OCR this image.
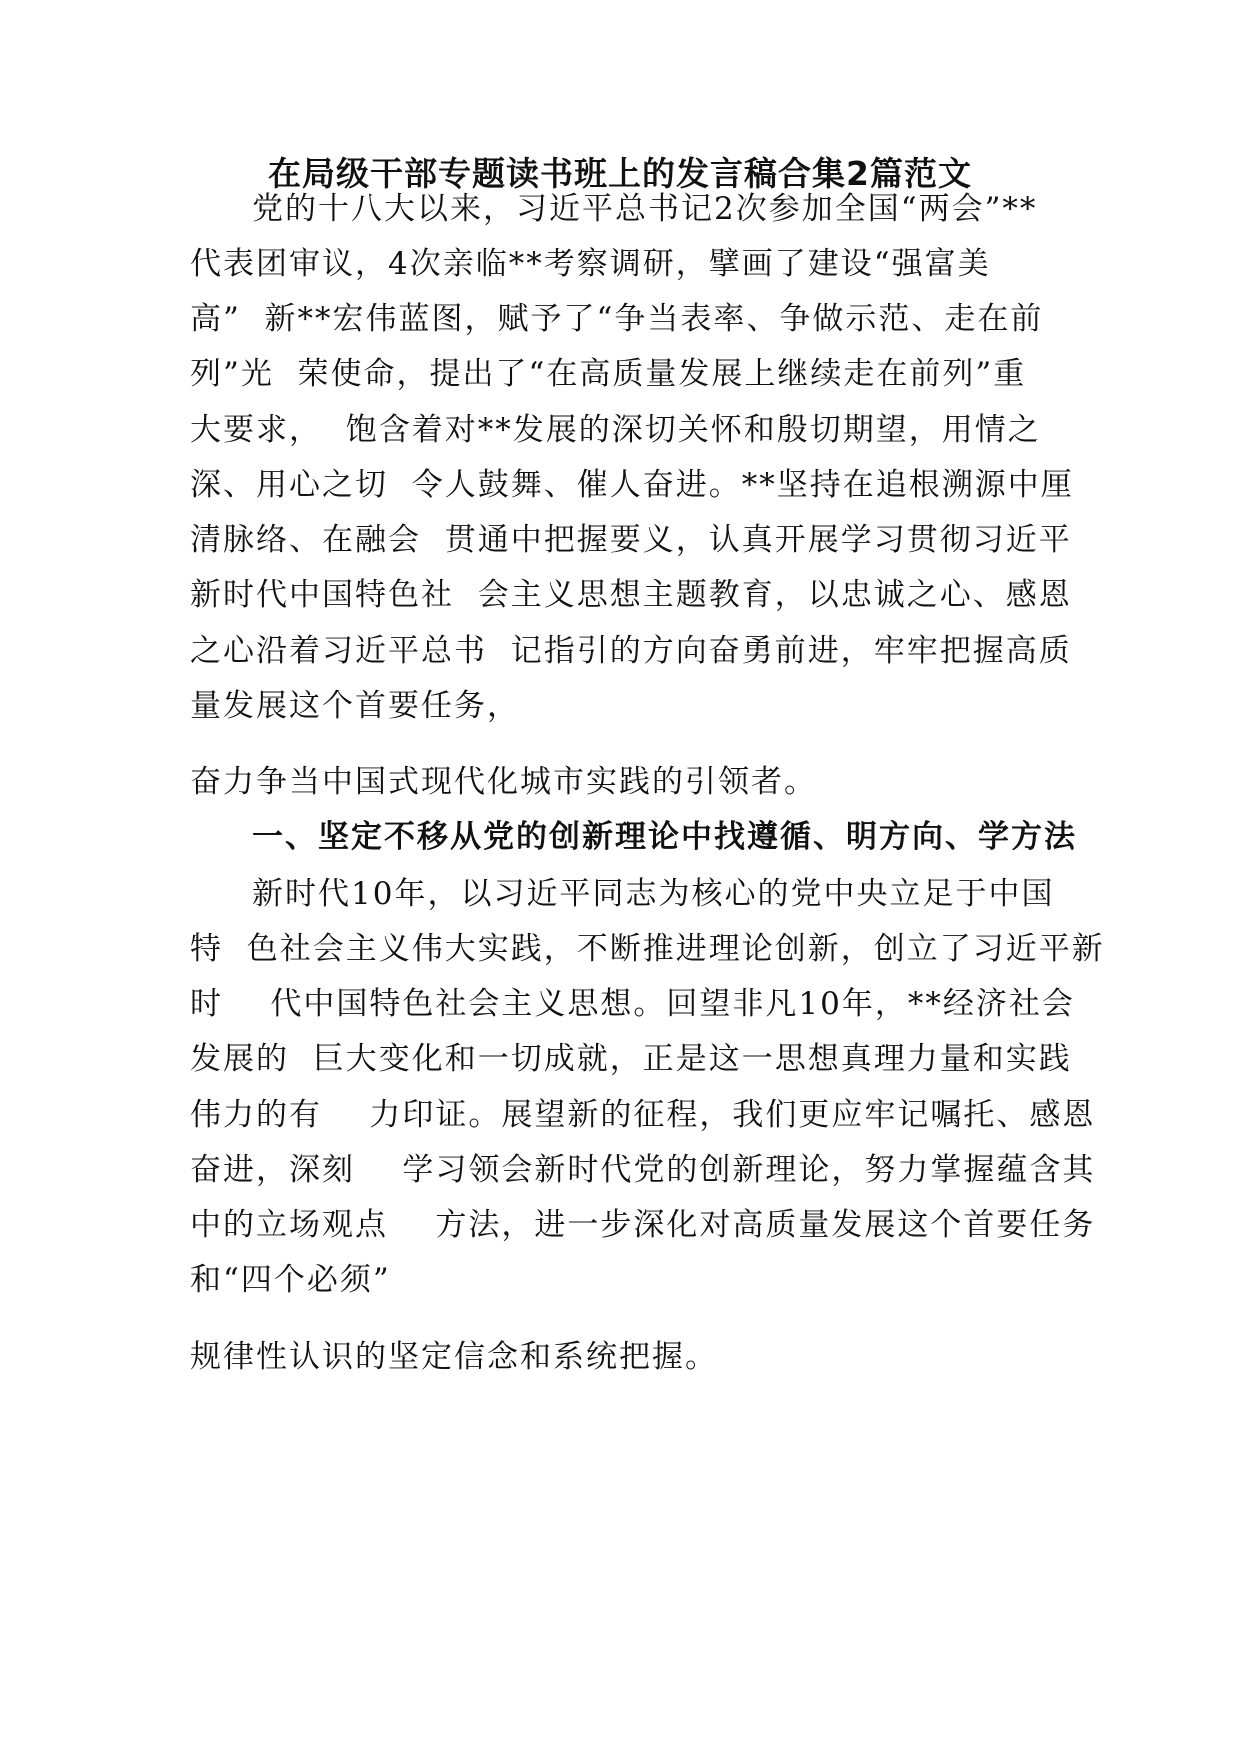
在局级干部专题读书班上的发言稿合集2篇范文
党的十八大以来，习近平总书记2次参加全国“两会”**
代表团审议，4次亲临**考察调研，擘画了建设“强富美
高”  新**宏伟蓝图，赋予了“争当表率、争做示范、走在前
列”光  荣使命，提出了“在高质量发展上继续走在前列”重
大要求，  饱含着对**发展的深切关怀和殷切期望，用情之
深、用心之切  令人鼓舞、催人奋进。**坚持在追根溯源中厘
清脉络、在融会  贯通中把握要义，认真开展学习贯彻习近平
新时代中国特色社  会主义思想主题教育，以忠诚之心、感恩
之心沿着习近平总书  记指引的方向奋勇前进，牢牢把握高质
量发展这个首要任务，
奋力争当中国式现代化城市实践的引领者。
一、坚定不移从党的创新理论中找遵循、明方向、学方法
新时代10年，以习近平同志为核心的党中央立足于中国
特  色社会主义伟大实践，不断推进理论创新，创立了习近平新
时    代中国特色社会主义思想。回望非凡10年，**经济社会
发展的  巨大变化和一切成就，正是这一思想真理力量和实践
伟力的有    力印证。展望新的征程，我们更应牢记嘱托、感恩
奋进，深刻    学习领会新时代党的创新理论，努力掌握蕴含其
中的立场观点    方法，进一步深化对高质量发展这个首要任务
和“四个必须”
规律性认识的坚定信念和系统把握。
